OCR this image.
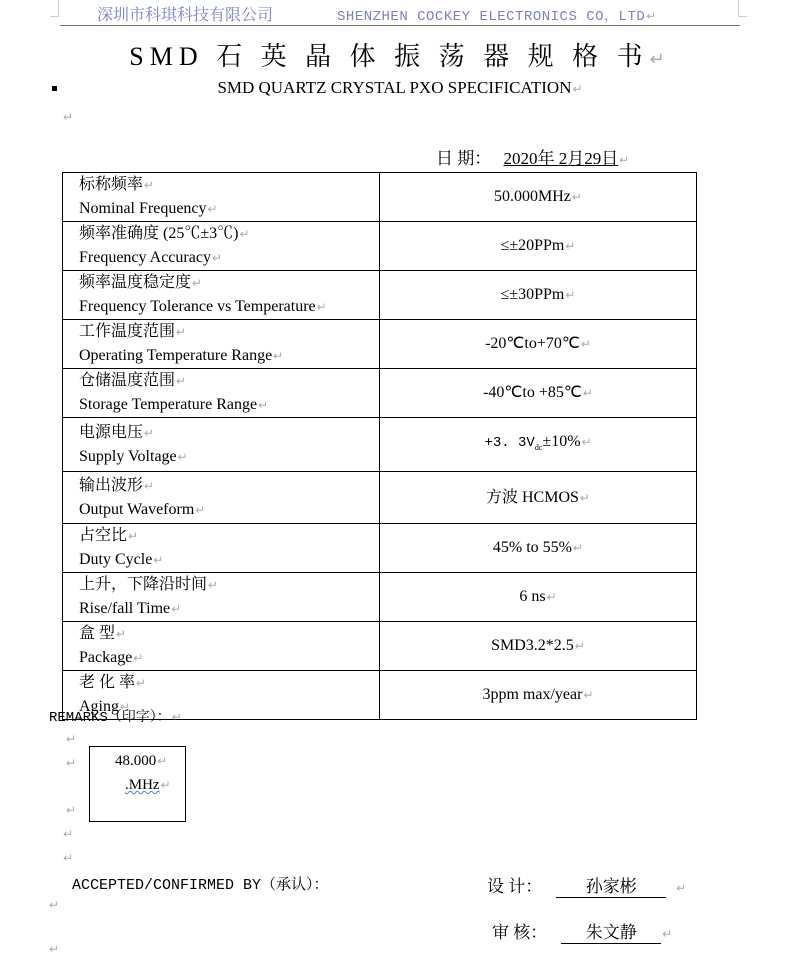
深圳市科琪科技有限公司	SHENZHEN COCKEY ELECTRONICS CO，LTD↵
SMD 石 英 晶 体 振 荡 器 规 格 书↵
SMD QUARTZ CRYSTAL PXO SPECIFICATION↵
↵
日 期： 2020年 2月29日↵
标称频率↵
Nominal Frequency↵	50.000MHz↵

频率准确度 (25℃±3℃)↵
Frequency Accuracy↵	≤±20PPm↵

频率温度稳定度↵
Frequency Tolerance vs Temperature↵	≤±30PPm↵

工作温度范围↵
Operating Temperature Range↵	-20℃to+70℃↵

仓储温度范围↵
Storage Temperature Range↵	-40℃to +85℃↵

电源电压↵
Supply Voltage↵	+3. $3V_{dc}\pm 10\%↵$

输出波形↵
Output Waveform↵	方波 HCMOS↵

占空比↵
Duty Cycle↵	45% to 55%↵

上升，下降沿时间↵
Rise/fall Time↵	6 ns↵

盒 型↵
Package↵	SMD3.2*2.5↵

老 化 率↵
Aging↵	3ppm max/year↵
REMARKS（印字）：↵
↵
↵
↵
↵
↵
48.000↵
.MHz↵
ACCEPTED/CONFIRMED BY（承认）：	设 计：	孙家彬	↵
↵
审 核： 朱文静 ↵
↵
